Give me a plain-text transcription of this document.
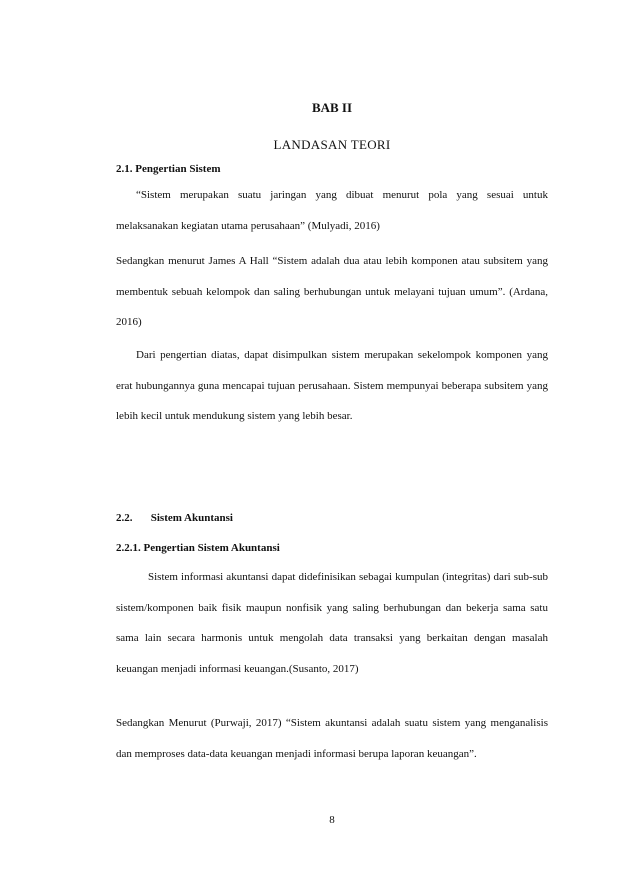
BAB II
LANDASAN TEORI
2.1. Pengertian Sistem

“Sistem merupakan suatu jaringan yang dibuat menurut pola yang sesuai untuk melaksanakan kegiatan utama perusahaan” (Mulyadi, 2016)

Sedangkan menurut James A Hall “Sistem adalah dua atau lebih komponen atau subsitem yang membentuk sebuah kelompok dan saling berhubungan untuk melayani tujuan umum”. (Ardana, 2016)

Dari pengertian diatas, dapat disimpulkan sistem merupakan sekelompok komponen yang erat hubungannya guna mencapai tujuan perusahaan. Sistem mempunyai beberapa subsitem yang lebih kecil untuk mendukung sistem yang lebih besar.

2.2. Sistem Akuntansi
2.2.1. Pengertian Sistem Akuntansi

Sistem informasi akuntansi dapat didefinisikan sebagai kumpulan (integritas) dari sub-sub sistem/komponen baik fisik maupun nonfisik yang saling berhubungan dan bekerja sama satu sama lain secara harmonis untuk mengolah data transaksi yang berkaitan dengan masalah keuangan menjadi informasi keuangan.(Susanto, 2017)

Sedangkan Menurut (Purwaji, 2017) “Sistem akuntansi adalah suatu sistem yang menganalisis dan memproses data-data keuangan menjadi informasi berupa laporan keuangan”.

8
